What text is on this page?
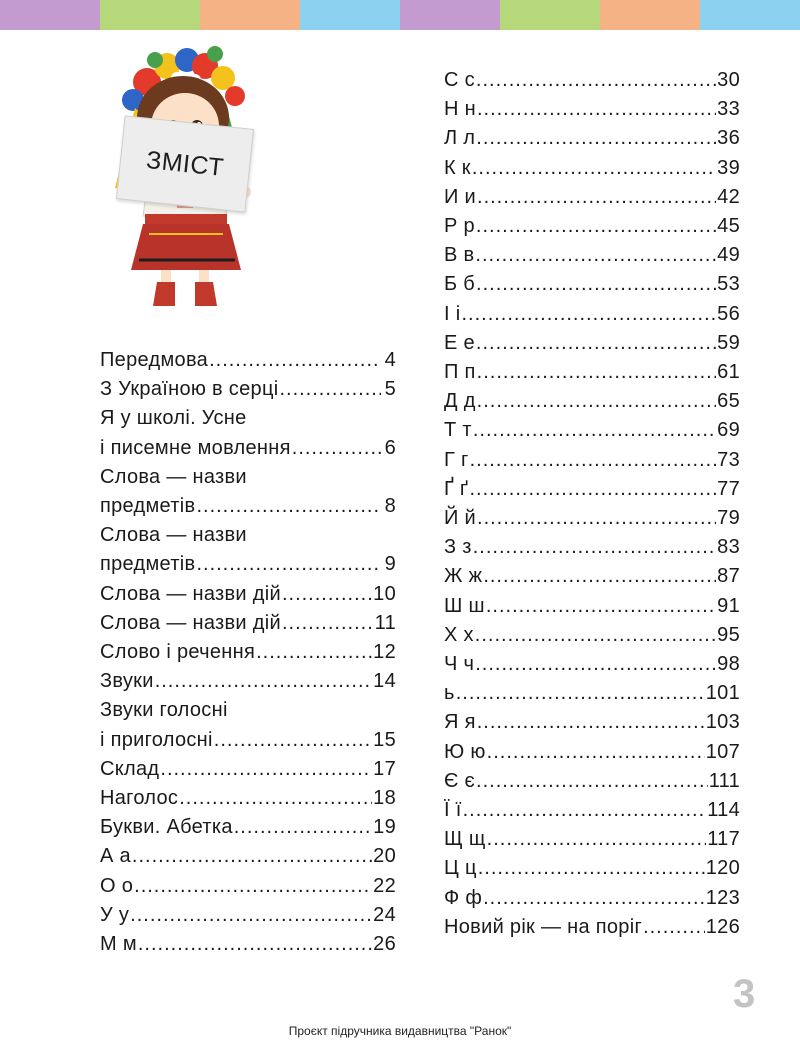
ЗМІСТ
Передмова .....	4
З Україною в серці .....	5
Я у школі. Усне
і писемне мовлення .....	6
Слова — назви
предметів .....	8
Слова — назви
предметів .....	9
Слова — назви дій .....	10
Слова — назви дій .....	11
Слово і речення .....	12
Звуки .....	14
Звуки голосні
і приголосні .....	15
Склад .....	17
Наголос .....	18
Букви. Абетка .....	19
А а .....	20
О о .....	22
У у .....	24
М м .....	26
С с .....	30
Н н .....	33
Л л .....	36
К к .....	39
И и .....	42
Р р .....	45
В в .....	49
Б б .....	53
І і .....	56
Е е .....	59
П п .....	61
Д д .....	65
Т т .....	69
Г г .....	73
Ґ ґ .....	77
Й й .....	79
З з .....	83
Ж ж .....	87
Ш ш .....	91
Х х .....	95
Ч ч .....	98
ь .....	101
Я я .....	103
Ю ю .....	107
Є є .....	111
Ї ї .....	114
Щ щ .....	117
Ц ц .....	120
Ф ф .....	123
Новий рік — на поріг .....	126
3
Проєкт підручника видавництва "Ранок"
